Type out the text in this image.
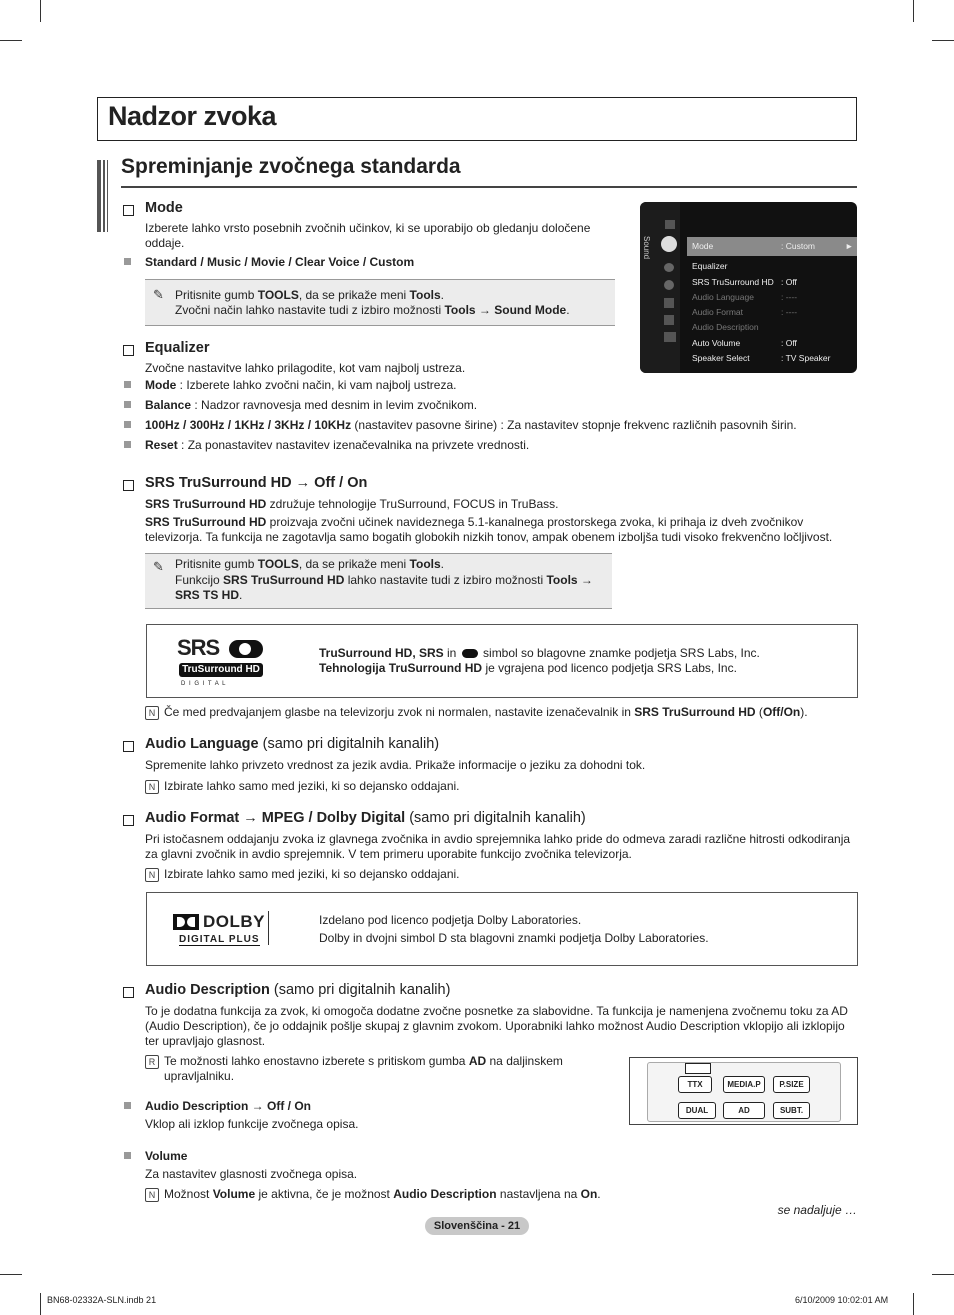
Nadzor zvoka
Spreminjanje zvočnega standarda
Mode
Izberete lahko vrsto posebnih zvočnih učinkov, ki se uporabijo ob gledanju določene oddaje.
Standard / Music / Movie / Clear Voice / Custom
✎ Pritisnite gumb TOOLS, da se prikaže meni Tools.
Zvočni način lahko nastavite tudi z izbiro možnosti Tools → Sound Mode.
Sound	Mode	: Custom	►
Equalizer
SRS TruSurround HD : Off
Audio Language	: ----
Audio Format	: ----
Audio Description
Auto Volume	: Off
Speaker Select	: TV Speaker
Equalizer
Zvočne nastavitve lahko prilagodite, kot vam najbolj ustreza.
Mode : Izberete lahko zvočni način, ki vam najbolj ustreza.
Balance : Nadzor ravnovesja med desnim in levim zvočnikom.
100Hz / 300Hz / 1KHz / 3KHz / 10KHz (nastavitev pasovne širine) : Za nastavitev stopnje frekvenc različnih pasovnih širin.
Reset : Za ponastavitev nastavitev izenačevalnika na privzete vrednosti.
SRS TruSurround HD → Off / On
SRS TruSurround HD združuje tehnologije TruSurround, FOCUS in TruBass.
SRS TruSurround HD proizvaja zvočni učinek navideznega 5.1-kanalnega prostorskega zvoka, ki prihaja iz dveh zvočnikov televizorja. Ta funkcija ne zagotavlja samo bogatih globokih nizkih tonov, ampak obenem izboljša tudi visoko frekvenčno ločljivost.
✎ Pritisnite gumb TOOLS, da se prikaže meni Tools.
Funkcijo SRS TruSurround HD lahko nastavite tudi z izbiro možnosti Tools →
SRS TS HD.
SRS
TruSurround HD
D I G I T A L
TruSurround HD, SRS in  simbol so blagovne znamke podjetja SRS Labs, Inc.
Tehnologija TruSurround HD je vgrajena pod licenco podjetja SRS Labs, Inc.
N Če med predvajanjem glasbe na televizorju zvok ni normalen, nastavite izenačevalnik in SRS TruSurround HD (Off/On).
Audio Language (samo pri digitalnih kanalih)
Spremenite lahko privzeto vrednost za jezik avdia. Prikaže informacije o jeziku za dohodni tok.
N Izbirate lahko samo med jeziki, ki so dejansko oddajani.
Audio Format → MPEG / Dolby Digital (samo pri digitalnih kanalih)
Pri istočasnem oddajanju zvoka iz glavnega zvočnika in avdio sprejemnika lahko pride do odmeva zaradi različne hitrosti odkodiranja za glavni zvočnik in avdio sprejemnik. V tem primeru uporabite funkcijo zvočnika televizorja.
N Izbirate lahko samo med jeziki, ki so dejansko oddajani.
DOLBY
DIGITAL PLUS
Izdelano pod licenco podjetja Dolby Laboratories.
Dolby in dvojni simbol D sta blagovni znamki podjetja Dolby Laboratories.
Audio Description (samo pri digitalnih kanalih)
To je dodatna funkcija za zvok, ki omogoča dodatne zvočne posnetke za slabovidne. Ta funkcija je namenjena zvočnemu toku za AD (Audio Description), če jo oddajnik pošlje skupaj z glavnim zvokom. Uporabniki lahko možnost Audio Description vklopijo ali izklopijo ter upravljajo glasnost.
R Te možnosti lahko enostavno izberete s pritiskom gumba AD na daljinskem
upravljalniku.
TTX	MEDIA.P	P.SIZE
DUAL	AD	SUBT.
Audio Description → Off / On
Vklop ali izklop funkcije zvočnega opisa.
Volume
Za nastavitev glasnosti zvočnega opisa.
N Možnost Volume je aktivna, če je možnost Audio Description nastavljena na On.
se nadaljuje …
Slovenščina - 21
BN68-02332A-SLN.indb 21	6/10/2009 10:02:01 AM
